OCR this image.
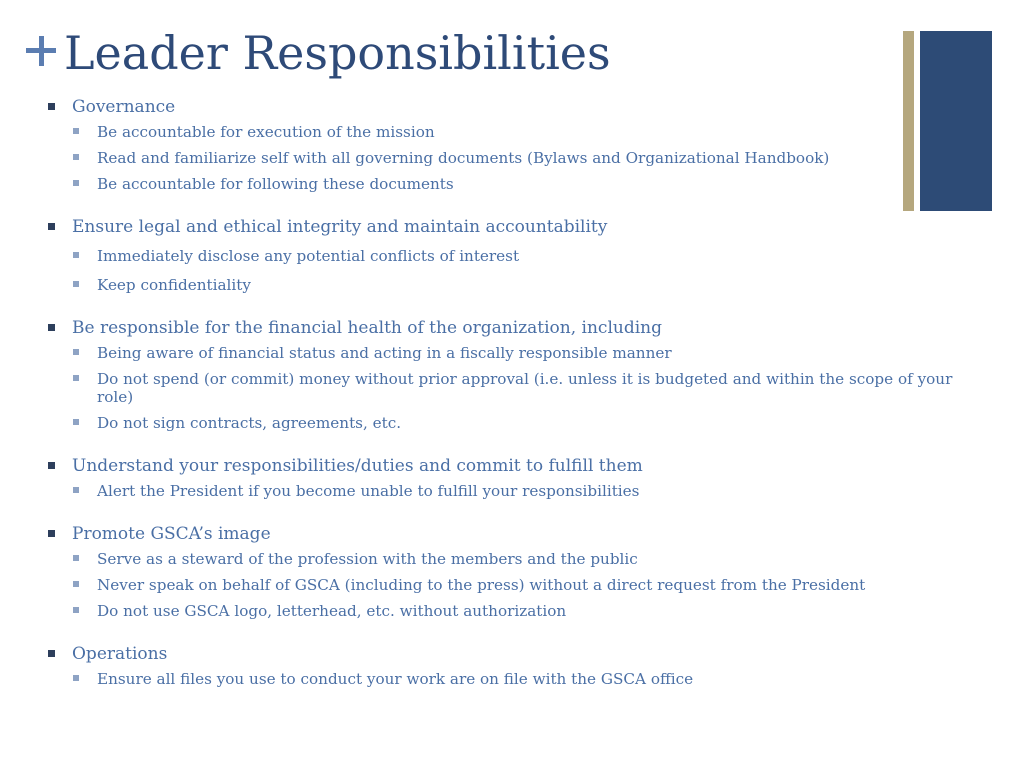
Leader Responsibilities
Governance
Be accountable for execution of the mission
Read and familiarize self with all governing documents (Bylaws and Organizational Handbook)
Be accountable for following these documents
Ensure legal and ethical integrity and maintain accountability
Immediately disclose any potential conflicts of interest
Keep confidentiality
Be responsible for the financial health of the organization, including
Being aware of financial status and acting in a fiscally responsible manner
Do not spend (or commit) money without prior approval (i.e. unless it is budgeted and within the scope of your role)
Do not sign contracts, agreements, etc.
Understand your responsibilities/duties and commit to fulfill them
Alert the President if you become unable to fulfill your responsibilities
Promote GSCA’s image
Serve as a steward of the profession with the members and the public
Never speak on behalf of GSCA (including to the press) without a direct request from the President
Do not use GSCA logo, letterhead, etc. without authorization
Operations
Ensure all files you use to conduct your work are on file with the GSCA office
